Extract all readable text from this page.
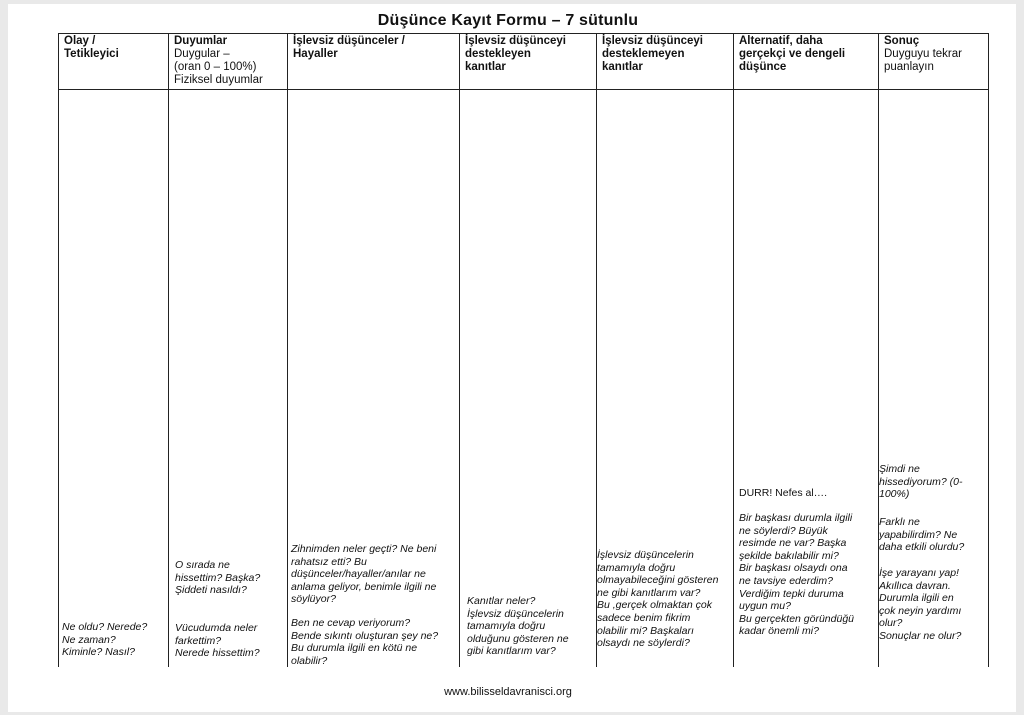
Düşünce Kayıt Formu – 7 sütunlu
Olay /
Tetikleyici
Ne oldu? Nerede?
Ne zaman?
Kiminle? Nasıl?
Duyumlar
Duygular –
(oran 0 – 100%)
Fiziksel duyumlar
O sırada ne
hissettim? Başka?
Şiddeti nasıldı?
Vücudumda neler
farkettim?
Nerede hissettim?
İşlevsiz düşünceler /
Hayaller
Zihnimden neler geçti? Ne beni
rahatsız etti? Bu
düşünceler/hayaller/anılar ne
anlama geliyor, benimle ilgili ne
söylüyor?
Ben ne cevap veriyorum?
Bende sıkıntı oluşturan şey ne?
Bu durumla ilgili en kötü ne
olabilir?
İşlevsiz düşünceyi
destekleyen
kanıtlar
Kanıtlar neler?
İşlevsiz düşüncelerin
tamamıyla doğru
olduğunu gösteren ne
gibi kanıtlarım var?
İşlevsiz düşünceyi
desteklemeyen
kanıtlar
İşlevsiz düşüncelerin
tamamıyla doğru
olmayabileceğini gösteren
ne gibi kanıtlarım var?
Bu ,gerçek olmaktan çok
sadece benim fikrim
olabilir mi? Başkaları
olsaydı ne söylerdi?
Alternatif, daha
gerçekçi ve dengeli
düşünce
DURR! Nefes al….
Bir başkası durumla ilgili
ne söylerdi? Büyük
resimde ne var? Başka
şekilde bakılabilir mi?
Bir başkası olsaydı ona
ne tavsiye ederdim?
Verdiğim tepki duruma
uygun mu?
Bu gerçekten göründüğü
kadar önemli mi?
Sonuç
Duyguyu tekrar
puanlayın
Şimdi ne
hissediyorum? (0-
100%)
Farklı ne
yapabilirdim? Ne
daha etkili olurdu?
İşe yarayanı yap!
Akıllıca davran.
Durumla ilgili en
çok neyin yardımı
olur?
Sonuçlar ne olur?
www.bilisseldavranisci.org
